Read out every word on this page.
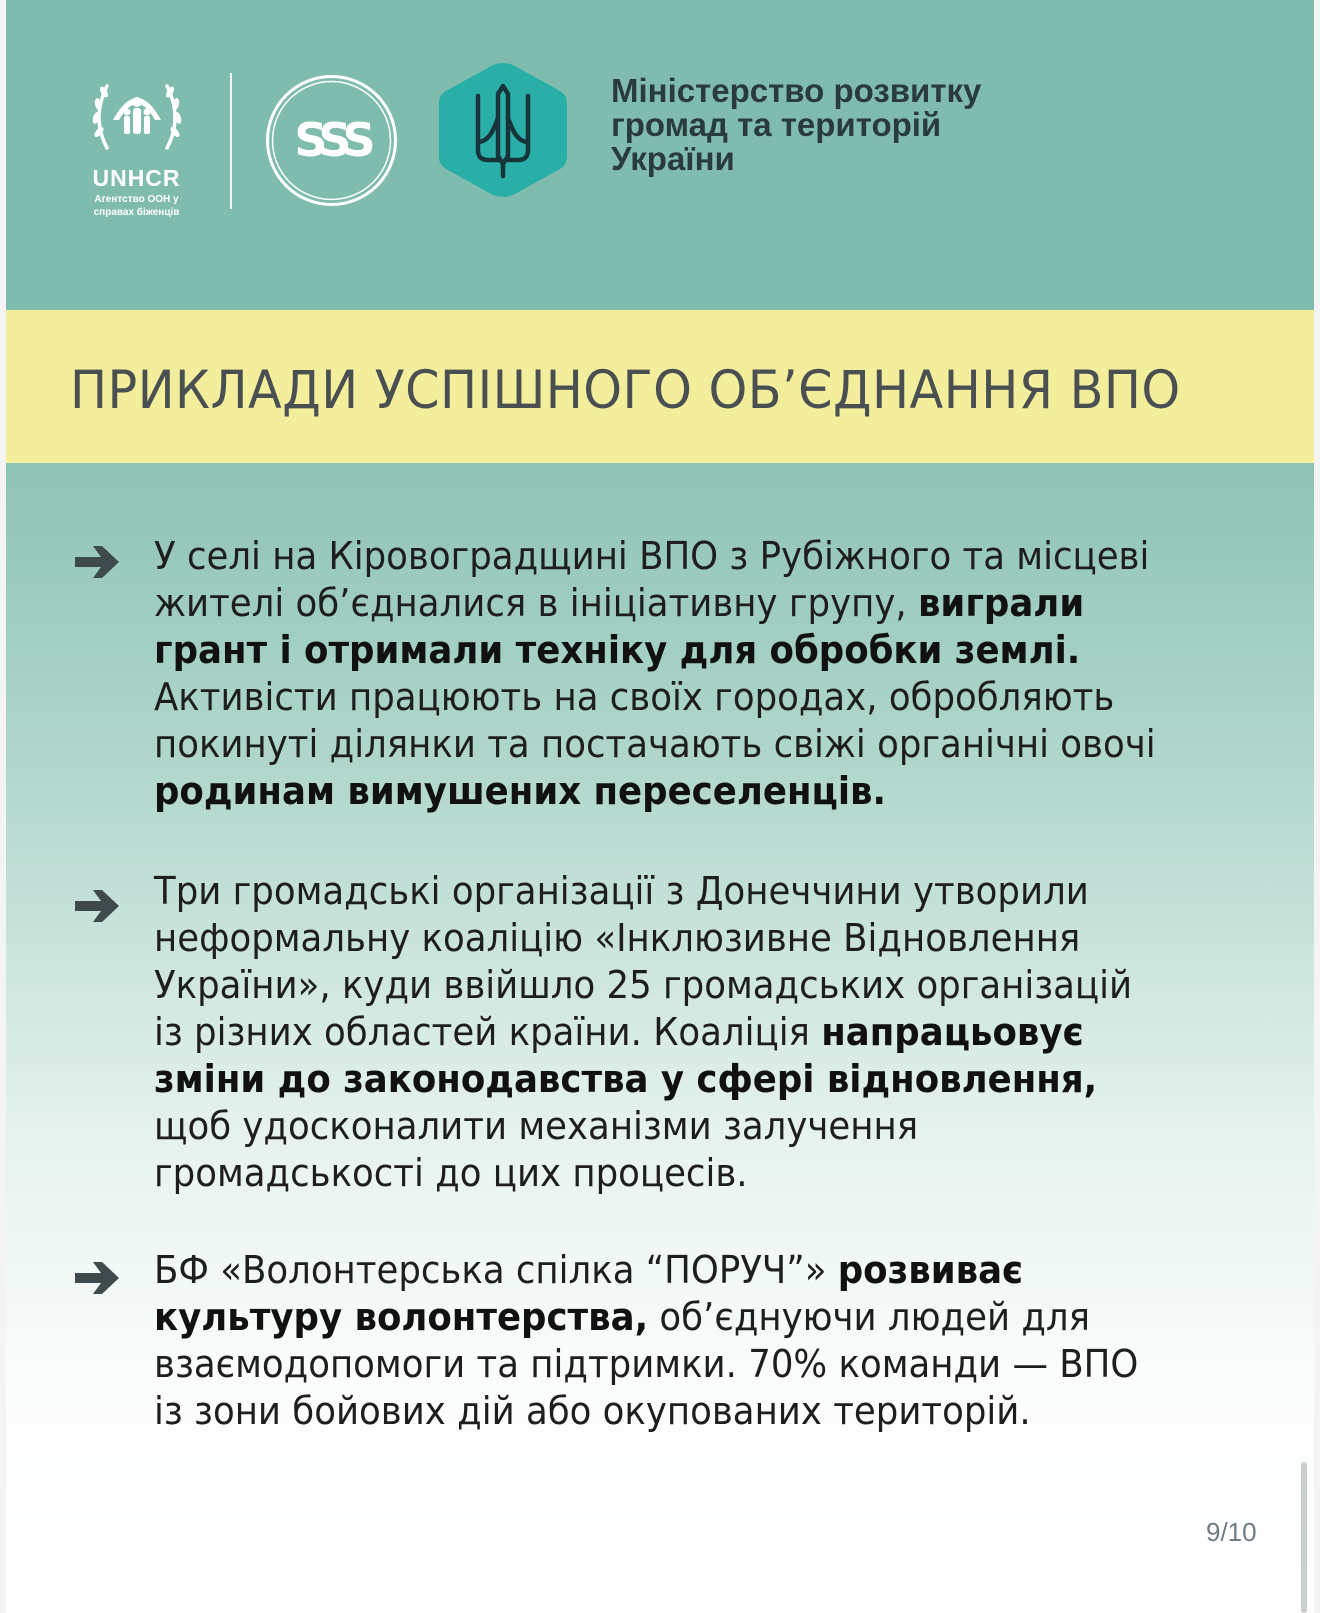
UNHCR
Агентство ООН у
справах біженців
SSS
Міністерство розвитку
громад та територій
України
ПРИКЛАДИ УСПІШНОГО ОБ’ЄДНАННЯ ВПО
У селі на Кіровоградщині ВПО з Рубіжного та місцеві жителі об’єдналися в ініціативну групу, виграли грант і отримали техніку для обробки землі. Активісти працюють на своїх городах, обробляють покинуті ділянки та постачають свіжі органічні овочі родинам вимушених переселенців.
Три громадські організації з Донеччини утворили неформальну коаліцію «Інклюзивне Відновлення України», куди ввійшло 25 громадських організацій із різних областей країни. Коаліція напрацьовує зміни до законодавства у сфері відновлення, щоб удосконалити механізми залучення громадськості до цих процесів.
БФ «Волонтерська спілка “ПОРУЧ”» розвиває культуру волонтерства, об’єднуючи людей для взаємодопомоги та підтримки. 70% команди — ВПО із зони бойових дій або окупованих територій.
9/10
